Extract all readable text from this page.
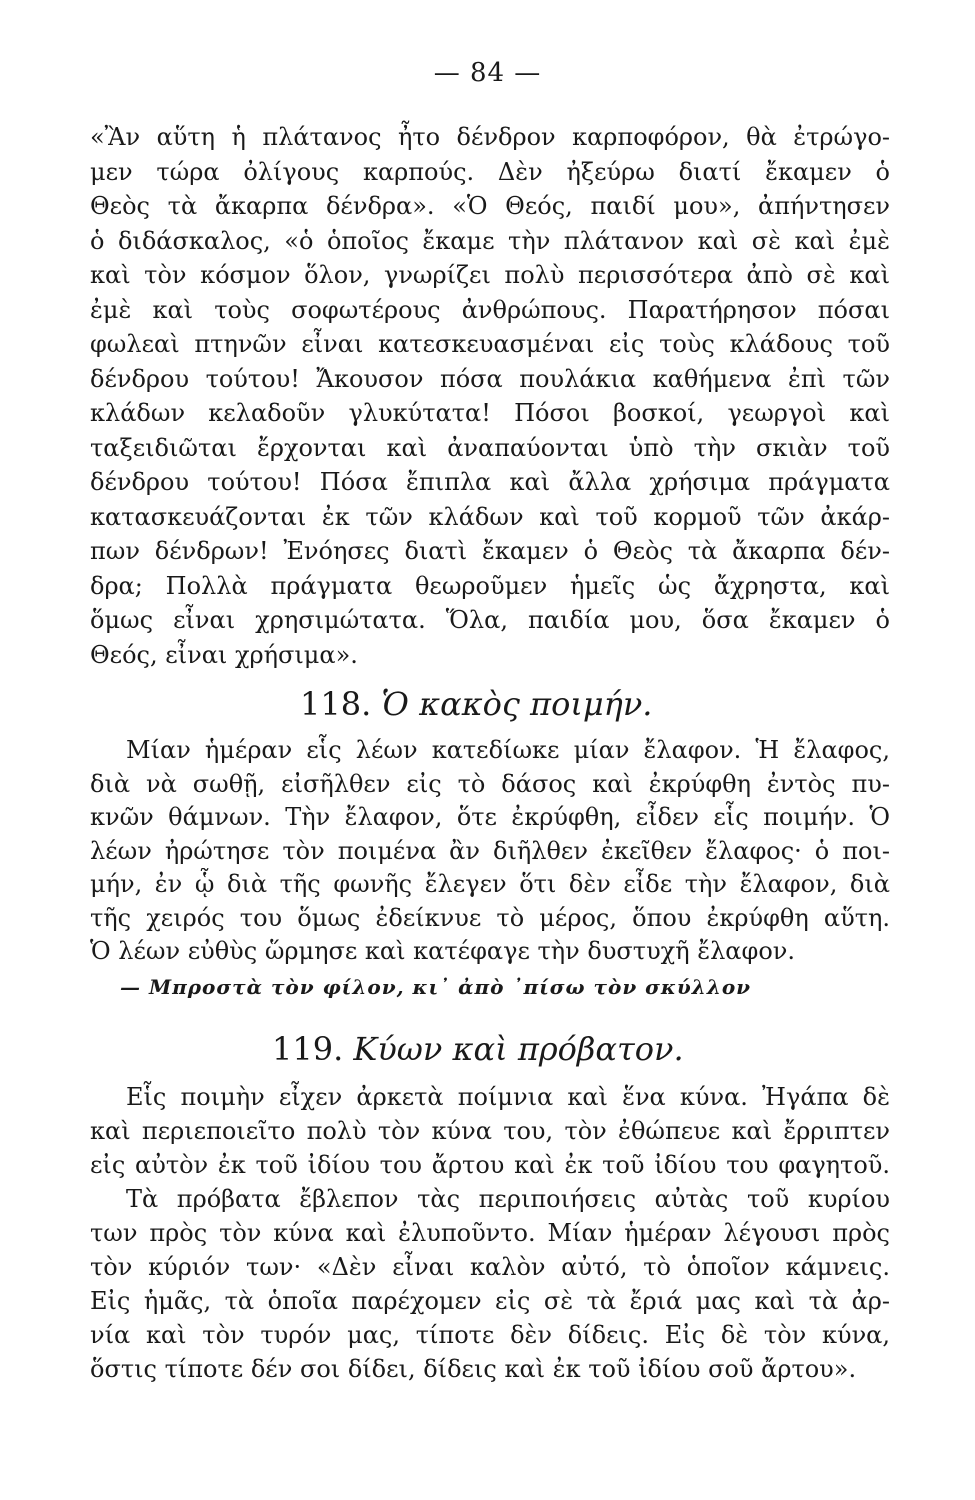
— 84 —
«Ἂν αὕτη ἡ πλάτανος ἦτο δένδρον καρποφόρον, θὰ ἐτρώγο-
μεν τώρα ὀλίγους καρπούς. Δὲν ἠξεύρω διατί ἔκαμεν ὁ
Θεὸς τὰ ἄκαρπα δένδρα». «Ὁ Θεός, παιδί μου», ἀπήντησεν
ὁ διδάσκαλος, «ὁ ὁποῖος ἔκαμε τὴν πλάτανον καὶ σὲ καὶ ἐμὲ
καὶ τὸν κόσμον ὅλον, γνωρίζει πολὺ περισσότερα ἀπὸ σὲ καὶ
ἐμὲ καὶ τοὺς σοφωτέρους ἀνθρώπους. Παρατήρησον πόσαι
φωλεαὶ πτηνῶν εἶναι κατεσκευασμέναι εἰς τοὺς κλάδους τοῦ
δένδρου τούτου! Ἄκουσον πόσα πουλάκια καθήμενα ἐπὶ τῶν
κλάδων κελαδοῦν γλυκύτατα! Πόσοι βοσκοί, γεωργοὶ καὶ
ταξειδιῶται ἔρχονται καὶ ἀναπαύονται ὑπὸ τὴν σκιὰν τοῦ
δένδρου τούτου! Πόσα ἔπιπλα καὶ ἄλλα χρήσιμα πράγματα
κατασκευάζονται ἐκ τῶν κλάδων καὶ τοῦ κορμοῦ τῶν ἀκάρ-
πων δένδρων! Ἐνόησες διατὶ ἔκαμεν ὁ Θεὸς τὰ ἄκαρπα δέν-
δρα; Πολλὰ πράγματα θεωροῦμεν ἡμεῖς ὡς ἄχρηστα, καὶ
ὅμως εἶναι χρησιμώτατα. Ὅλα, παιδία μου, ὅσα ἔκαμεν ὁ
Θεός, εἶναι χρήσιμα».
118. Ὁ κακὸς ποιμήν.
Μίαν ἡμέραν εἷς λέων κατεδίωκε μίαν ἔλαφον. Ἡ ἔλαφος,
διὰ νὰ σωθῇ, εἰσῆλθεν εἰς τὸ δάσος καὶ ἐκρύφθη ἐντὸς πυ-
κνῶν θάμνων. Τὴν ἔλαφον, ὅτε ἐκρύφθη, εἶδεν εἷς ποιμήν. Ὁ
λέων ἠρώτησε τὸν ποιμένα ἂν διῆλθεν ἐκεῖθεν ἔλαφος· ὁ ποι-
μήν, ἐν ᾧ διὰ τῆς φωνῆς ἔλεγεν ὅτι δὲν εἶδε τὴν ἔλαφον, διὰ
τῆς χειρός του ὅμως ἐδείκνυε τὸ μέρος, ὅπου ἐκρύφθη αὕτη.
Ὁ λέων εὐθὺς ὥρμησε καὶ κατέφαγε τὴν δυστυχῆ ἔλαφον.
— Μπροστὰ τὸν φίλον, κι᾿ ἀπὸ ᾿πίσω τὸν σκύλλον
119. Κύων καὶ πρόβατον.
Εἷς ποιμὴν εἶχεν ἀρκετὰ ποίμνια καὶ ἕνα κύνα. Ἠγάπα δὲ
καὶ περιεποιεῖτο πολὺ τὸν κύνα του, τὸν ἐθώπευε καὶ ἔρριπτεν
εἰς αὐτὸν ἐκ τοῦ ἰδίου του ἄρτου καὶ ἐκ τοῦ ἰδίου του φαγητοῦ.
Τὰ πρόβατα ἔβλεπον τὰς περιποιήσεις αὐτὰς τοῦ κυρίου
των πρὸς τὸν κύνα καὶ ἐλυποῦντο. Μίαν ἡμέραν λέγουσι πρὸς
τὸν κύριόν των· «Δὲν εἶναι καλὸν αὐτό, τὸ ὁποῖον κάμνεις.
Εἰς ἡμᾶς, τὰ ὁποῖα παρέχομεν εἰς σὲ τὰ ἔριά μας καὶ τὰ ἀρ-
νία καὶ τὸν τυρόν μας, τίποτε δὲν δίδεις. Εἰς δὲ τὸν κύνα,
ὅστις τίποτε δέν σοι δίδει, δίδεις καὶ ἐκ τοῦ ἰδίου σοῦ ἄρτου».
